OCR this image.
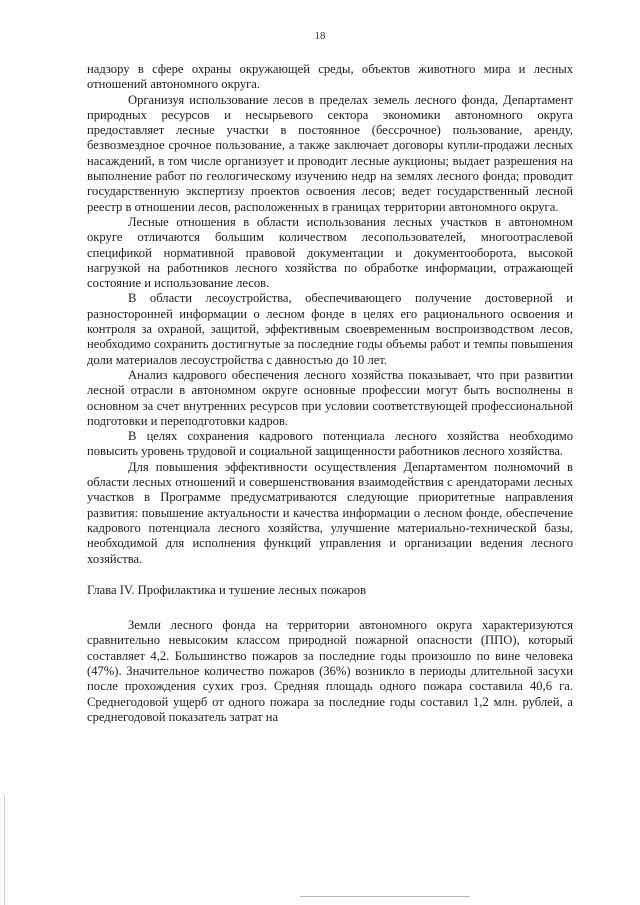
18

надзору в сфере охраны окружающей среды, объектов животного мира и лесных отношений автономного округа.

Организуя использование лесов в пределах земель лесного фонда, Департамент природных ресурсов и несырьевого сектора экономики автономного округа предоставляет лесные участки в постоянное (бессрочное) пользование, аренду, безвозмездное срочное пользование, а также заключает договоры купли-продажи лесных насаждений, в том числе организует и проводит лесные аукционы; выдает разрешения на выполнение работ по геологическому изучению недр на землях лесного фонда; проводит государственную экспертизу проектов освоения лесов; ведет государственный лесной реестр в отношении лесов, расположенных в границах территории автономного округа.

Лесные отношения в области использования лесных участков в автономном округе отличаются большим количеством лесопользователей, многоотраслевой спецификой нормативной правовой документации и документооборота, высокой нагрузкой на работников лесного хозяйства по обработке информации, отражающей состояние и использование лесов.

В области лесоустройства, обеспечивающего получение достоверной и разносторонней информации о лесном фонде в целях его рационального освоения и контроля за охраной, защитой, эффективным своевременным воспроизводством лесов, необходимо сохранить достигнутые за последние годы объемы работ и темпы повышения доли материалов лесоустройства с давностью до 10 лет.

Анализ кадрового обеспечения лесного хозяйства показывает, что при развитии лесной отрасли в автономном округе основные профессии могут быть восполнены в основном за счет внутренних ресурсов при условии соответствующей профессиональной подготовки и переподготовки кадров.

В целях сохранения кадрового потенциала лесного хозяйства необходимо повысить уровень трудовой и социальной защищенности работников лесного хозяйства.

Для повышения эффективности осуществления Департаментом полномочий в области лесных отношений и совершенствования взаимодействия с арендаторами лесных участков в Программе предусматриваются следующие приоритетные направления развития: повышение актуальности и качества информации о лесном фонде, обеспечение кадрового потенциала лесного хозяйства, улучшение материально-технической базы, необходимой для исполнения функций управления и организации ведения лесного хозяйства.

Глава IV. Профилактика и тушение лесных пожаров

Земли лесного фонда на территории автономного округа характеризуются сравнительно невысоким классом природной пожарной опасности (ППО), который составляет 4,2. Большинство пожаров за последние годы произошло по вине человека (47%). Значительное количество пожаров (36%) возникло в периоды длительной засухи после прохождения сухих гроз. Средняя площадь одного пожара составила 40,6 га. Среднегодовой ущерб от одного пожара за последние годы составил 1,2 млн. рублей, а среднегодовой показатель затрат на
